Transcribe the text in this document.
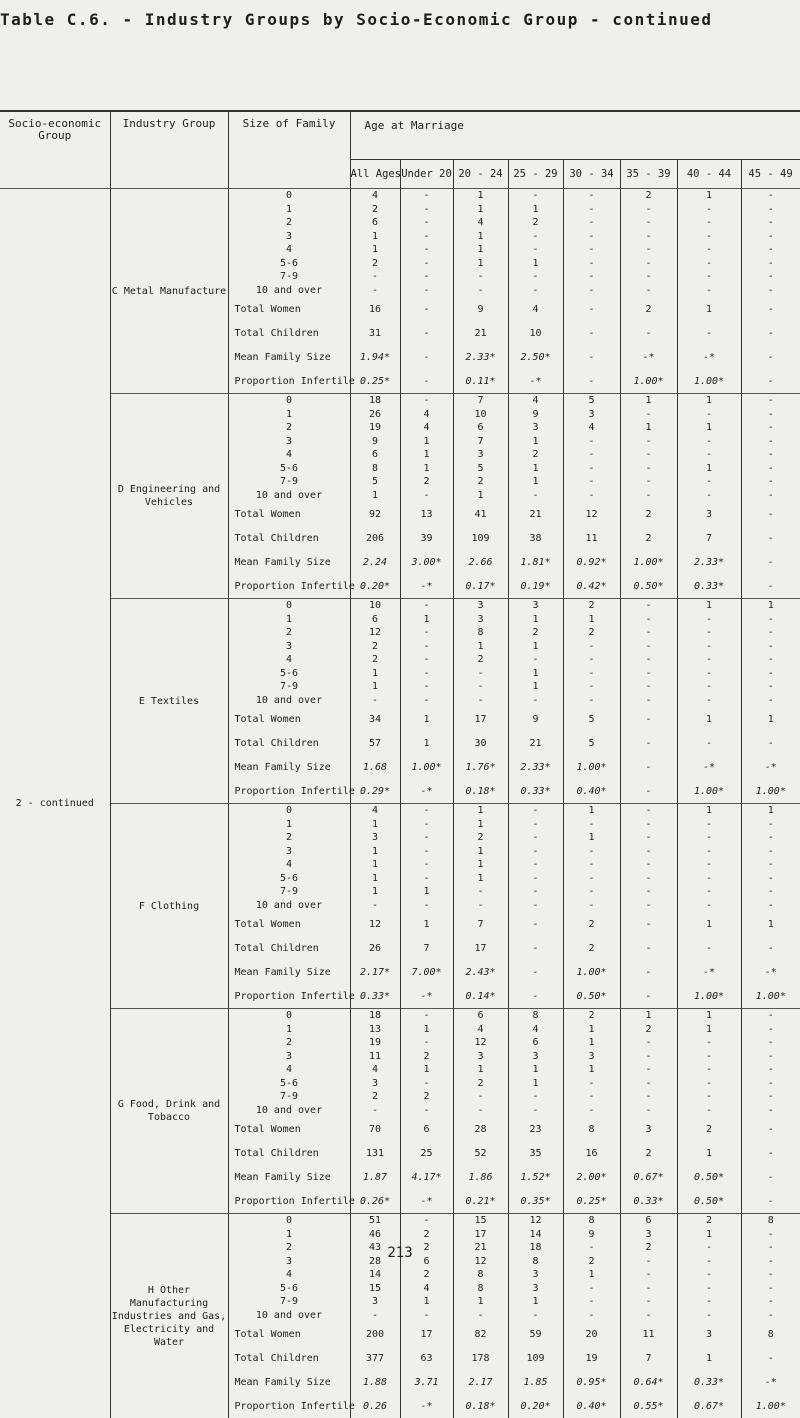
Table C.6. - Industry Groups by Socio-Economic Group - continued
Socio-economic Group	Industry Group	Size of Family	Age at Marriage							
			All Ages	Under 20	20 - 24	25 - 29	30 - 34	35 - 39	40 - 44	45 - 49
2 - continued	C Metal Manufacture	0	4	-	1	-	-	2	1	-
		1	2	-	1	1	-	-	-	-
		2	6	-	4	2	-	-	-	-
		3	1	-	1	-	-	-	-	-
		4	1	-	1	-	-	-	-	-
		5-6	2	-	1	1	-	-	-	-
		7-9	-	-	-	-	-	-	-	-
		10 and over	-	-	-	-	-	-	-	-
		Total Women	16	-	9	4	-	2	1	-
		Total Children	31	-	21	10	-	-	-	-
		Mean Family Size	1.94*	-	2.33*	2.50*	-	-*	-*	-
		Proportion Infertile	0.25*	-	0.11*	-*	-	1.00*	1.00*	-
	D Engineering and Vehicles	0	18	-	7	4	5	1	1	-
		1	26	4	10	9	3	-	-	-
		2	19	4	6	3	4	1	1	-
		3	9	1	7	1	-	-	-	-
		4	6	1	3	2	-	-	-	-
		5-6	8	1	5	1	-	-	1	-
		7-9	5	2	2	1	-	-	-	-
		10 and over	1	-	1	-	-	-	-	-
		Total Women	92	13	41	21	12	2	3	-
		Total Children	206	39	109	38	11	2	7	-
		Mean Family Size	2.24	3.00*	2.66	1.81*	0.92*	1.00*	2.33*	-
		Proportion Infertile	0.20*	-*	0.17*	0.19*	0.42*	0.50*	0.33*	-
	E Textiles	0	10	-	3	3	2	-	1	1
		1	6	1	3	1	1	-	-	-
		2	12	-	8	2	2	-	-	-
		3	2	-	1	1	-	-	-	-
		4	2	-	2	-	-	-	-	-
		5-6	1	-	-	1	-	-	-	-
		7-9	1	-	-	1	-	-	-	-
		10 and over	-	-	-	-	-	-	-	-
		Total Women	34	1	17	9	5	-	1	1
		Total Children	57	1	30	21	5	-	-	-
		Mean Family Size	1.68	1.00*	1.76*	2.33*	1.00*	-	-*	-*
		Proportion Infertile	0.29*	-*	0.18*	0.33*	0.40*	-	1.00*	1.00*
	F Clothing	0	4	-	1	-	1	-	1	1
		1	1	-	1	-	-	-	-	-
		2	3	-	2	-	1	-	-	-
		3	1	-	1	-	-	-	-	-
		4	1	-	1	-	-	-	-	-
		5-6	1	-	1	-	-	-	-	-
		7-9	1	1	-	-	-	-	-	-
		10 and over	-	-	-	-	-	-	-	-
		Total Women	12	1	7	-	2	-	1	1
		Total Children	26	7	17	-	2	-	-	-
		Mean Family Size	2.17*	7.00*	2.43*	-	1.00*	-	-*	-*
		Proportion Infertile	0.33*	-*	0.14*	-	0.50*	-	1.00*	1.00*
	G Food, Drink and Tobacco	0	18	-	6	8	2	1	1	-
		1	13	1	4	4	1	2	1	-
		2	19	-	12	6	1	-	-	-
		3	11	2	3	3	3	-	-	-
		4	4	1	1	1	1	-	-	-
		5-6	3	-	2	1	-	-	-	-
		7-9	2	2	-	-	-	-	-	-
		10 and over	-	-	-	-	-	-	-	-
		Total Women	70	6	28	23	8	3	2	-
		Total Children	131	25	52	35	16	2	1	-
		Mean Family Size	1.87	4.17*	1.86	1.52*	2.00*	0.67*	0.50*	-
		Proportion Infertile	0.26*	-*	0.21*	0.35*	0.25*	0.33*	0.50*	-
	H Other Manufacturing Industries and Gas, Electricity and Water	0	51	-	15	12	8	6	2	8
		1	46	2	17	14	9	3	1	-
		2	43	2	21	18	-	2	-	-
		3	28	6	12	8	2	-	-	-
		4	14	2	8	3	1	-	-	-
		5-6	15	4	8	3	-	-	-	-
		7-9	3	1	1	1	-	-	-	-
		10 and over	-	-	-	-	-	-	-	-
		Total Women	200	17	82	59	20	11	3	8
		Total Children	377	63	178	109	19	7	1	-
		Mean Family Size	1.88	3.71	2.17	1.85	0.95*	0.64*	0.33*	-*
		Proportion Infertile	0.26	-*	0.18*	0.20*	0.40*	0.55*	0.67*	1.00*
213
